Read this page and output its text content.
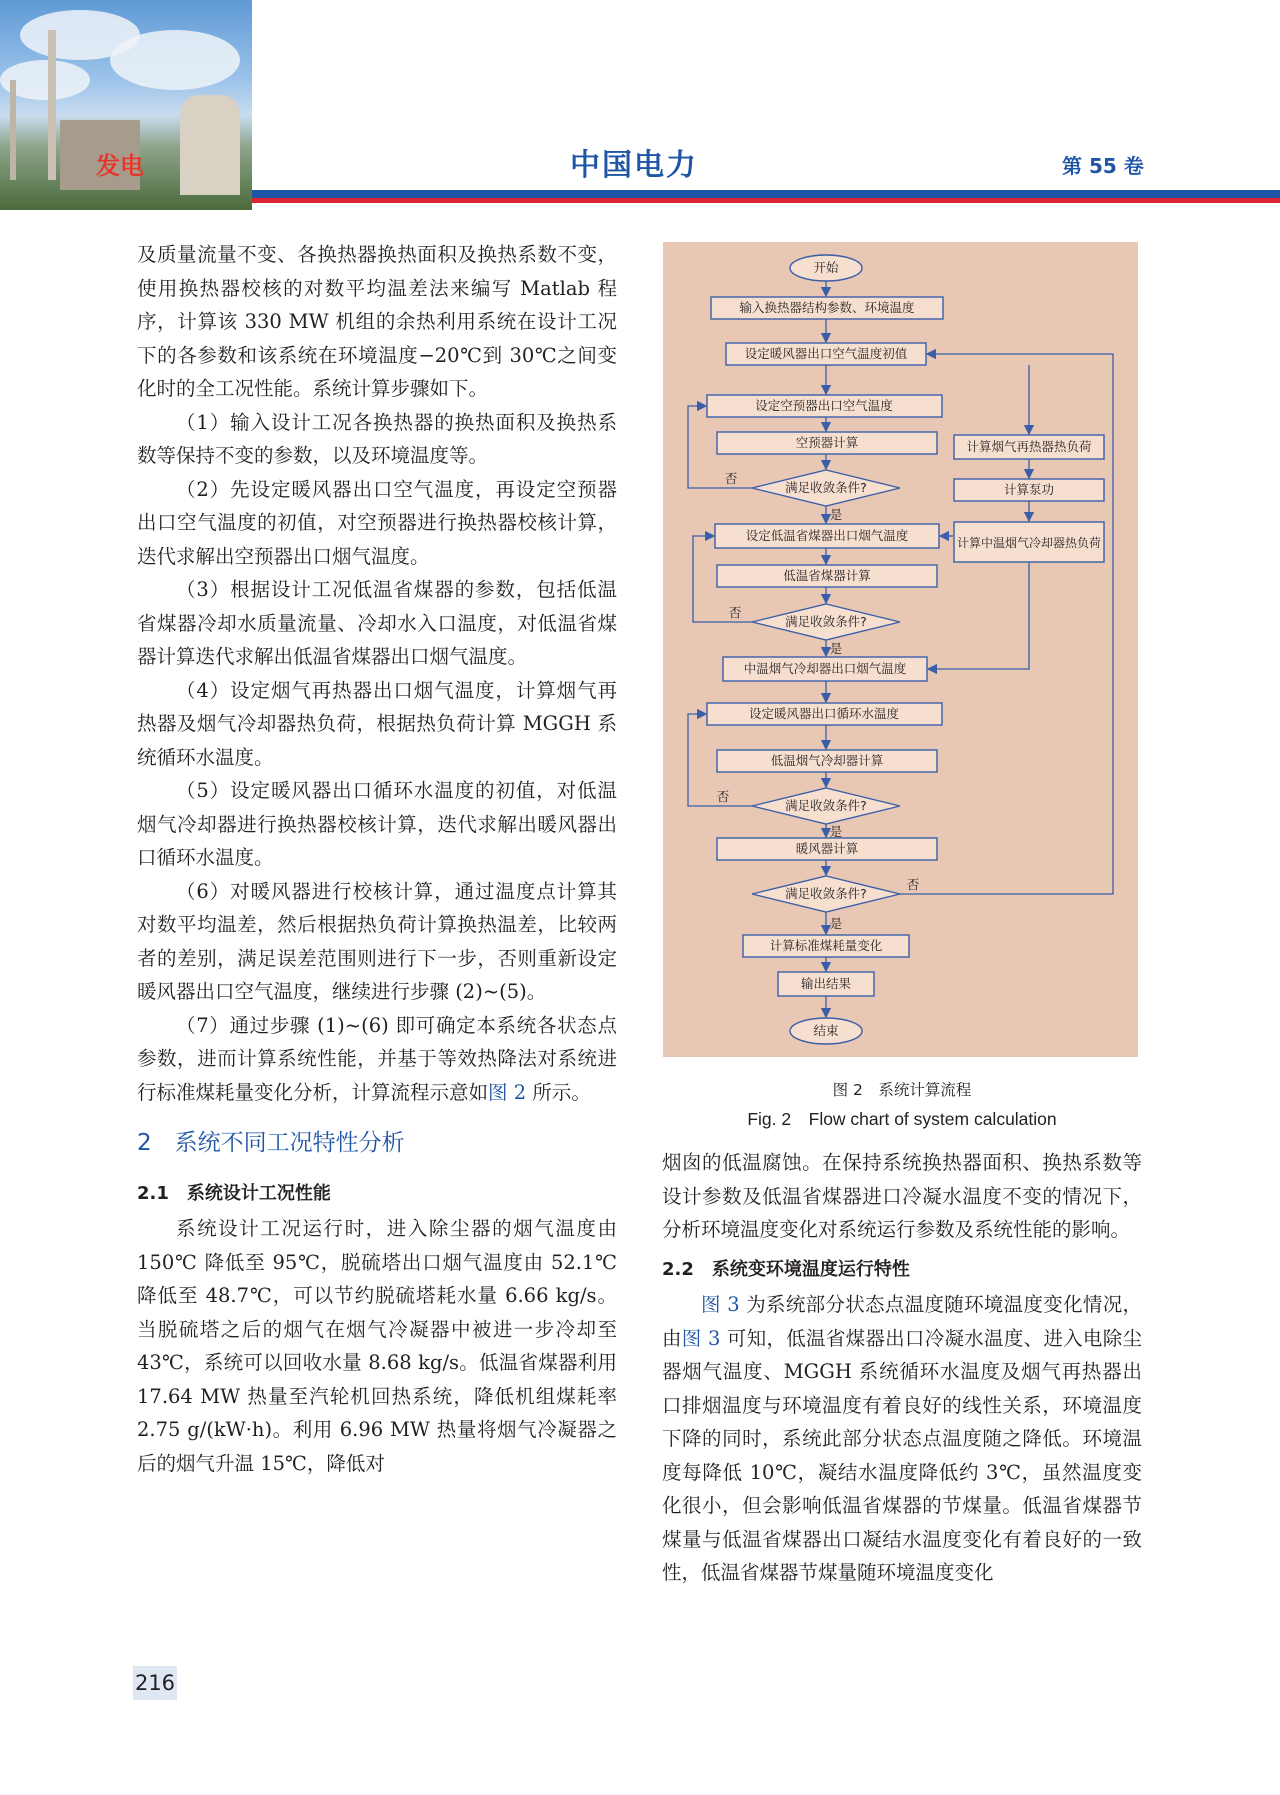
发电	中国电力	第 55 卷

及质量流量不变、各换热器换热面积及换热系数不变，使用换热器校核的对数平均温差法来编写 Matlab 程序，计算该 330 MW 机组的余热利用系统在设计工况下的各参数和该系统在环境温度−20℃到 30℃之间变化时的全工况性能。系统计算步骤如下。

（1）输入设计工况各换热器的换热面积及换热系数等保持不变的参数，以及环境温度等。

（2）先设定暖风器出口空气温度，再设定空预器出口空气温度的初值，对空预器进行换热器校核计算，迭代求解出空预器出口烟气温度。

（3）根据设计工况低温省煤器的参数，包括低温省煤器冷却水质量流量、冷却水入口温度，对低温省煤器计算迭代求解出低温省煤器出口烟气温度。

（4）设定烟气再热器出口烟气温度，计算烟气再热器及烟气冷却器热负荷，根据热负荷计算 MGGH 系统循环水温度。

（5）设定暖风器出口循环水温度的初值，对低温烟气冷却器进行换热器校核计算，迭代求解出暖风器出口循环水温度。

（6）对暖风器进行校核计算，通过温度点计算其对数平均温差，然后根据热负荷计算换热温差，比较两者的差别，满足误差范围则进行下一步，否则重新设定暖风器出口空气温度，继续进行步骤 (2)~(5)。

（7）通过步骤 (1)~(6) 即可确定本系统各状态点参数，进而计算系统性能，并基于等效热降法对系统进行标准煤耗量变化分析，计算流程示意如图 2 所示。

2　系统不同工况特性分析

2.1　系统设计工况性能

系统设计工况运行时，进入除尘器的烟气温度由 150℃ 降低至 95℃，脱硫塔出口烟气温度由 52.1℃ 降低至 48.7℃，可以节约脱硫塔耗水量 6.66 kg/s。当脱硫塔之后的烟气在烟气冷凝器中被进一步冷却至 43℃，系统可以回收水量 8.68 kg/s。低温省煤器利用 17.64 MW 热量至汽轮机回热系统，降低机组煤耗率 2.75 g/(kW·h)。利用 6.96 MW 热量将烟气冷凝器之后的烟气升温 15℃，降低对

开始
输入换热器结构参数、环境温度
设定暖风器出口空气温度初值
设定空预器出口空气温度
空预器计算
满足收敛条件?
设定低温省煤器出口烟气温度
低温省煤器计算
满足收敛条件?
中温烟气冷却器出口烟气温度
设定暖风器出口循环水温度
低温烟气冷却器计算
满足收敛条件?
暖风器计算
满足收敛条件?
计算标准煤耗量变化
输出结果
结束
计算烟气再热器热负荷
计算泵功
计算中温烟气冷却器热负荷
否
否
否
否
是
是
是
是
图 2　系统计算流程
Fig. 2　Flow chart of system calculation

烟囱的低温腐蚀。在保持系统换热器面积、换热系数等设计参数及低温省煤器进口冷凝水温度不变的情况下，分析环境温度变化对系统运行参数及系统性能的影响。

2.2　系统变环境温度运行特性

图 3 为系统部分状态点温度随环境温度变化情况，由图 3 可知，低温省煤器出口冷凝水温度、进入电除尘器烟气温度、MGGH 系统循环水温度及烟气再热器出口排烟温度与环境温度有着良好的线性关系，环境温度下降的同时，系统此部分状态点温度随之降低。环境温度每降低 10℃，凝结水温度降低约 3℃，虽然温度变化很小，但会影响低温省煤器的节煤量。低温省煤器节煤量与低温省煤器出口凝结水温度变化有着良好的一致性，低温省煤器节煤量随环境温度变化

216
